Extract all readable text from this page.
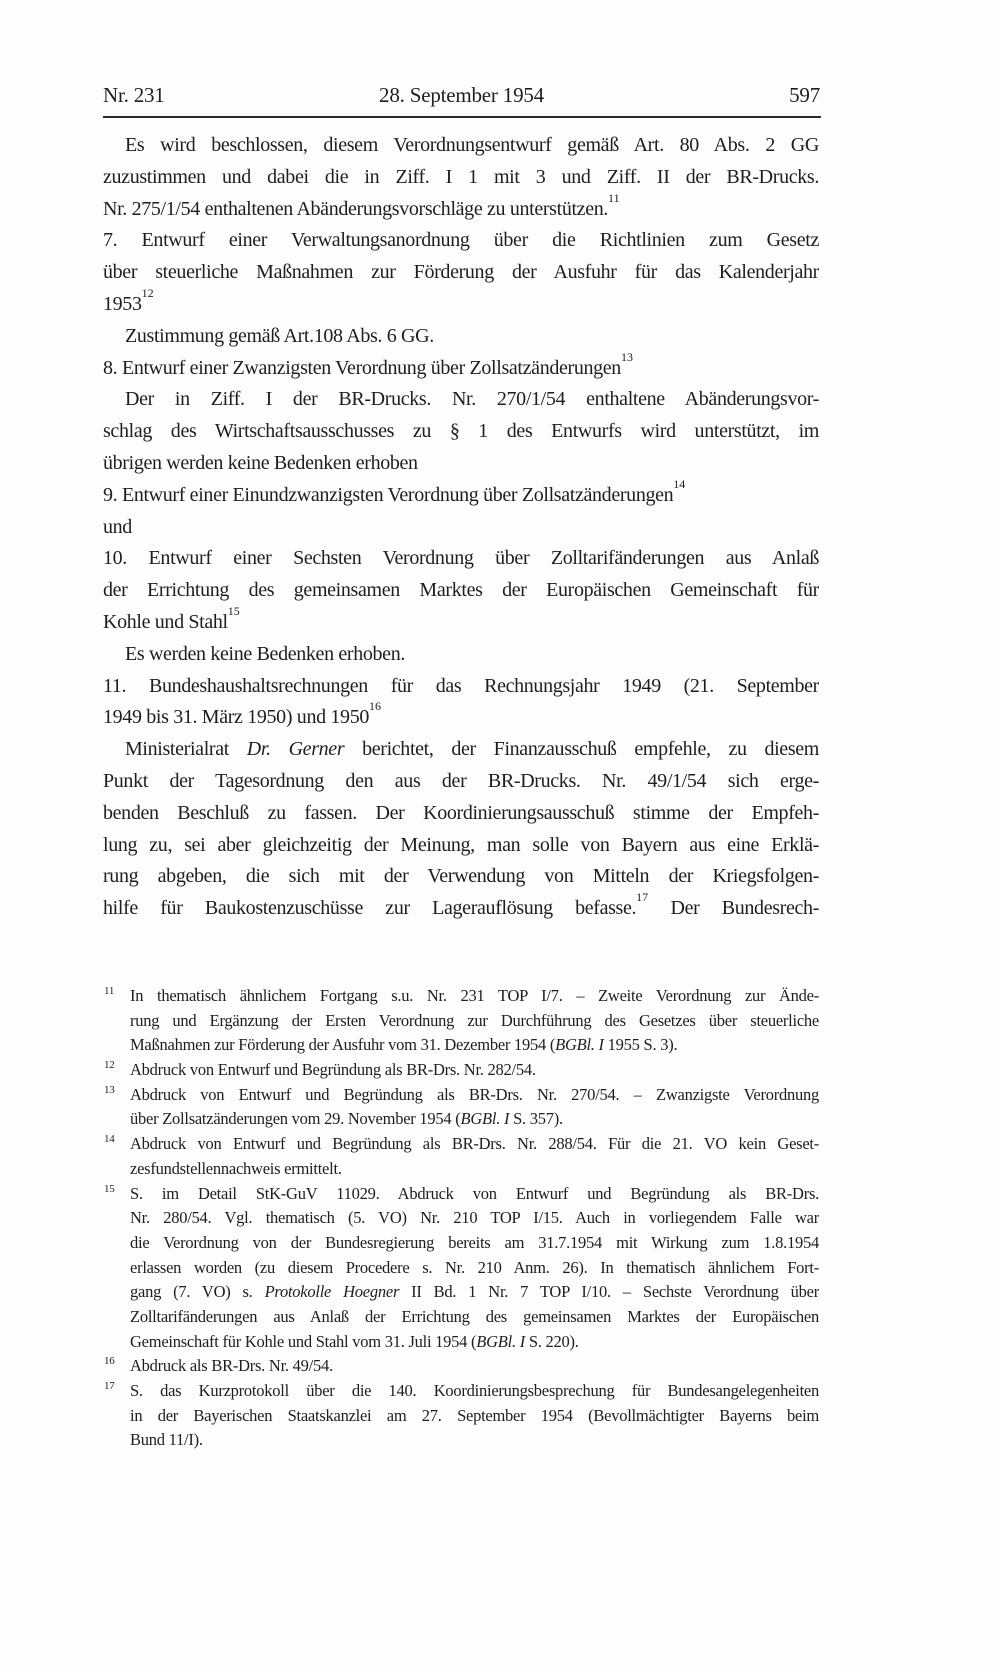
Nr. 231	28. September 1954	597
Es wird beschlossen, diesem Verordnungsentwurf gemäß Art. 80 Abs. 2 GG
zuzustimmen und dabei die in Ziff. I 1 mit 3 und Ziff. II der BR-Drucks.
Nr. 275/1/54 enthaltenen Abänderungsvorschläge zu unterstützen.$^{11}$
7. Entwurf einer Verwaltungsanordnung über die Richtlinien zum Gesetz
über steuerliche Maßnahmen zur Förderung der Ausfuhr für das Kalenderjahr
1953$^{12}$
Zustimmung gemäß Art.108 Abs. 6 GG.
8. Entwurf einer Zwanzigsten Verordnung über Zollsatzänderungen$^{13}$
Der in Ziff. I der BR-Drucks. Nr. 270/1/54 enthaltene Abänderungsvor-
schlag des Wirtschaftsausschusses zu § 1 des Entwurfs wird unterstützt, im
übrigen werden keine Bedenken erhoben
9. Entwurf einer Einundzwanzigsten Verordnung über Zollsatzänderungen$^{14}$
und
10. Entwurf einer Sechsten Verordnung über Zolltarifänderungen aus Anlaß
der Errichtung des gemeinsamen Marktes der Europäischen Gemeinschaft für
Kohle und Stahl$^{15}$
Es werden keine Bedenken erhoben.
11. Bundeshaushaltsrechnungen für das Rechnungsjahr 1949 (21. September
1949 bis 31. März 1950) und 1950$^{16}$
Ministerialrat Dr. Gerner berichtet, der Finanzausschuß empfehle, zu diesem
Punkt der Tagesordnung den aus der BR-Drucks. Nr. 49/1/54 sich erge-
benden Beschluß zu fassen. Der Koordinierungsausschuß stimme der Empfeh-
lung zu, sei aber gleichzeitig der Meinung, man solle von Bayern aus eine Erklä-
rung abgeben, die sich mit der Verwendung von Mitteln der Kriegsfolgen-
hilfe für Baukostenzuschüsse zur Lagerauflösung befasse.$^{17}$ Der Bundesrech-
11 In thematisch ähnlichem Fortgang s.u. Nr. 231 TOP I/7. – Zweite Verordnung zur Ände-
rung und Ergänzung der Ersten Verordnung zur Durchführung des Gesetzes über steuerliche
Maßnahmen zur Förderung der Ausfuhr vom 31. Dezember 1954 (BGBl. I 1955 S. 3).
12 Abdruck von Entwurf und Begründung als BR-Drs. Nr. 282/54.
13 Abdruck von Entwurf und Begründung als BR-Drs. Nr. 270/54. – Zwanzigste Verordnung
über Zollsatzänderungen vom 29. November 1954 (BGBl. I S. 357).
14 Abdruck von Entwurf und Begründung als BR-Drs. Nr. 288/54. Für die 21. VO kein Geset-
zesfundstellennachweis ermittelt.
15 S. im Detail StK-GuV 11029. Abdruck von Entwurf und Begründung als BR-Drs.
Nr. 280/54. Vgl. thematisch (5. VO) Nr. 210 TOP I/15. Auch in vorliegendem Falle war
die Verordnung von der Bundesregierung bereits am 31.7.1954 mit Wirkung zum 1.8.1954
erlassen worden (zu diesem Procedere s. Nr. 210 Anm. 26). In thematisch ähnlichem Fort-
gang (7. VO) s. Protokolle Hoegner II Bd. 1 Nr. 7 TOP I/10. – Sechste Verordnung über
Zolltarifänderungen aus Anlaß der Errichtung des gemeinsamen Marktes der Europäischen
Gemeinschaft für Kohle und Stahl vom 31. Juli 1954 (BGBl. I S. 220).
16 Abdruck als BR-Drs. Nr. 49/54.
17 S. das Kurzprotokoll über die 140. Koordinierungsbesprechung für Bundesangelegenheiten
in der Bayerischen Staatskanzlei am 27. September 1954 (Bevollmächtigter Bayerns beim
Bund 11/I).
